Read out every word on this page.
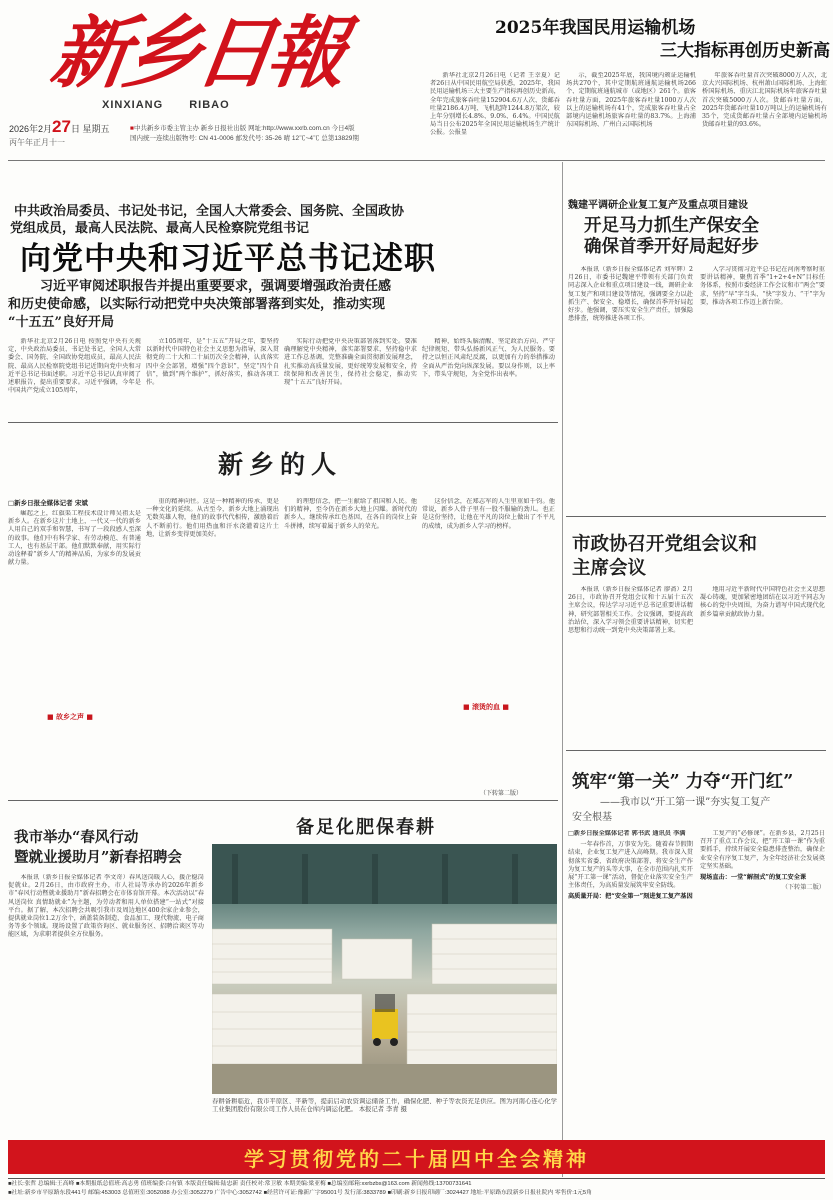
新乡日報
XINXIANG RIBAO
2026年2月27日 星期五
丙午年正月十一
■中共新乡市委主管主办 新乡日报社出版 网址:http://www.xxrb.com.cn 今日4版
国内统一连续出版物号: CN 41-0006 邮发代号: 35-26 晴 12℃~4℃ 总第13829期
2025年我国民用运输机场
三大指标再创历史新高

新华社北京2月26日电（记者 王幸夏）记者26日从中国民用航空局获悉，2025年，我国民用运输机场三大主要生产指标再创历史新高，全年完成旅客吞吐量152904.6万人次、货邮吞吐量2186.4万吨、飞机起降1244.8万架次，较上年分别增长4.8%、9.0%、6.4%。中国民航局当日公布2025年全国民用运输机场生产统计公报。公报显

示，截至2025年底，我国境内颁证运输机场共270个，其中定期航班通航运输机场266个、定期航班通航城市（或地区）261个。旅客吞吐量方面，2025年旅客吞吐量1000万人次以上的运输机场有41个，完成旅客吞吐量占全部境内运输机场旅客吞吐量的83.7%。上海浦东国际机场、广州白云国际机场

年旅客吞吐量首次突破8000万人次，北京大兴国际机场、杭州萧山国际机场、上海虹桥国际机场、重庆江北国际机场年旅客吞吐量首次突破5000万人次。货邮吞吐量方面，2025年货邮吞吐量10万吨以上的运输机场有35个，完成货邮吞吐量占全部境内运输机场货邮吞吐量的93.6%。

中共政治局委员、书记处书记，全国人大常委会、国务院、全国政协
党组成员，最高人民法院、最高人民检察院党组书记
向党中央和习近平总书记述职
习近平审阅述职报告并提出重要要求，强调要增强政治责任感
和历史使命感，以实际行动把党中央决策部署落到实处，推动实现
“十五五”良好开局

新华社北京2月26日电 按照党中央有关规定，中央政治局委员、书记处书记，全国人大常委会、国务院、全国政协党组成员，最高人民法院、最高人民检察院党组书记近期向党中央和习近平总书记书面述职。习近平总书记认真审阅了述职报告，提出重要要求。习近平强调，今年是中国共产党成立105周年，

立105周年，是“十五五”开局之年，要坚持以新时代中国特色社会主义思想为指导，深入贯彻党的二十大和二十届历次全会精神，认真落实四中全会部署，增强“四个意识”，坚定“四个自信”，做到“两个维护”，抓好落实，推动各项工作。

实际行动把党中央决策部署落到实处。要准确理解党中央精神，落实部署要求，坚持稳中求进工作总基调，完整准确全面贯彻新发展理念，扎实推动高质量发展，更好统筹发展和安全，持续保障和改善民生，保持社会稳定，推动实现“十五五”良好开局。

精神，始终头脑清醒、坚定政治方向、严守纪律规矩、带头弘扬新风正气、为人民服务。要持之以恒正风肃纪反腐，以更加有力的举措推动全面从严治党向纵深发展。要以身作则，以上率下，带头守规矩，为全党作出表率。

新乡的人
□新乡日报全媒体记者 宋斌

崛起之上，红旗渠工程技术设计师吴祖太是新乡人。在新乡这片土地上，一代又一代的新乡人用自己的双手和智慧，书写了一段段感人至深的故事。他们中有科学家、有劳动模范、有普通工人，也有基层干部。他们默默奉献，用实际行动诠释着“新乡人”的精神品质，为家乡的发展贡献力量。

■ 故乡之声 ■

重的精神向往。这是一种精神的传承，更是一种文化的延续。从古至今，新乡大地上涌现出无数英雄人物，他们的故事代代相传，激励着后人不断前行。他们用热血和汗水浇灌着这片土地，让新乡变得更加美好。

的理想信念，把一生献给了祖国和人民。他们的精神，至今仍在新乡大地上闪耀。新时代的新乡人，继续传承红色基因，在各自的岗位上奋斗拼搏，续写着属于新乡人的荣光。

■ 滚烫的血 ■

这份信念，在郑志军的人生里重如千钧。他常说，新乡人骨子里有一股不服输的劲儿。也正是这份坚持，让他在平凡的岗位上做出了不平凡的成绩，成为新乡人学习的榜样。

（下转第二版）
我市举办“春风行动
暨就业援助月”新春招聘会

本报讯（新乡日报全媒体记者 李文奇）春风送岗暖人心，援企稳岗促就业。2月26日，由市政府主办，市人社局等承办的2026年新乡市“春风行动暨就业援助月”新春招聘会在市体育馆开幕。本次活动以“春风送岗位 真情助就业”为主题，为劳动者和用人单位搭建“一站式”对接平台。据了解，本次招聘会共吸引我市及周边地区400余家企业参会，提供就业岗位1.2万余个，涵盖装备制造、食品加工、现代物流、电子商务等多个领域。现场设置了政策咨询区、就业服务区、招聘洽谈区等功能区域，为求职者提供全方位服务。

备足化肥保春耕
春耕备耕临近，我市平原区、平新等，提前启动农资调运储备工作，确保化肥、种子等农资充足供应。图为河南心连心化学工业集团股份有限公司工作人员在仓库内调运化肥。 本报记者 李青 摄
魏建平调研企业复工复产及重点项目建设
开足马力抓生产保安全
确保首季开好局起好步

本报讯（新乡日报全媒体记者 刘军辉）2月26日，市委书记魏建平带领有关部门负责同志深入企业和重点项目建设一线，调研企业复工复产和项目建设等情况，强调要全力以赴抓生产、保安全、稳增长，确保首季开好局起好步。他强调，要压实安全生产责任，加强隐患排查，统筹推进各项工作。

入学习贯彻习近平总书记在河南考察时重要讲话精神，聚焦首季“1+2+4+N”目标任务体系，按照市委经济工作会议和市“两会”要求，坚持“早”字当头、“快”字发力、“干”字为要，推动各项工作迈上新台阶。

市政协召开党组会议和
主席会议

本报讯（新乡日报全媒体记者 廖斋）2月26日，市政协召开党组会议和十五届十五次主席会议，传达学习习近平总书记重要讲话精神，研究部署相关工作。会议强调，要提高政治站位，深入学习领会重要讲话精神，切实把思想和行动统一到党中央决策部署上来。

地用习近平新时代中国特色社会主义思想凝心铸魂，更加紧密地团结在以习近平同志为核心的党中央周围，为奋力谱写中国式现代化新乡篇章贡献政协力量。

筑牢“第一关” 力夺“开门红”
——我市以“开工第一课”夯实复工复产
安全根基
□新乡日报全媒体记者 郭书武 通讯员 李满

一年春作首，万事安为先。随着春节假期结束，企业复工复产进入高峰期。我市深入贯彻落实省委、省政府决策部署，将安全生产作为复工复产的头等大事，在全市范围内扎实开展“开工第一课”活动，督促企业落实安全生产主体责任，为高质量发展筑牢安全防线。

高质量开局：把“安全第一”刻进复工复产基因

工复产的“必修课”。在新乡县，2月25日召开了重点工作会议，把“开工第一课”作为重要抓手，持续开展安全隐患排查整治，确保企业安全有序复工复产，为全年经济社会发展奠定坚实基础。

现场直击：一堂“解剖式”的复工安全课
（下转第二版）
学习贯彻党的二十届四中全会精神
■社长:张哲 总编辑:王高峰 ■本期报纸总值班:高志勇 值班编委:白有镇 本版责任编辑:陆忠新 责任校对:常卫敏 本期美编:梁亚梅 ■总编室邮箱:xxrbzbs@163.com 新闻热线:13700731641
■社址:新乡市平原路东段441号 邮编:453003 总值班室:3052088 办公室:3052279 广告中心:3052742 ■经营许可证:豫新广字95001号 发行部:3833789 ■印刷:新乡日报印刷厂:3024427 地址:平原路东段新乡日报社院内 零售价:1元5角
